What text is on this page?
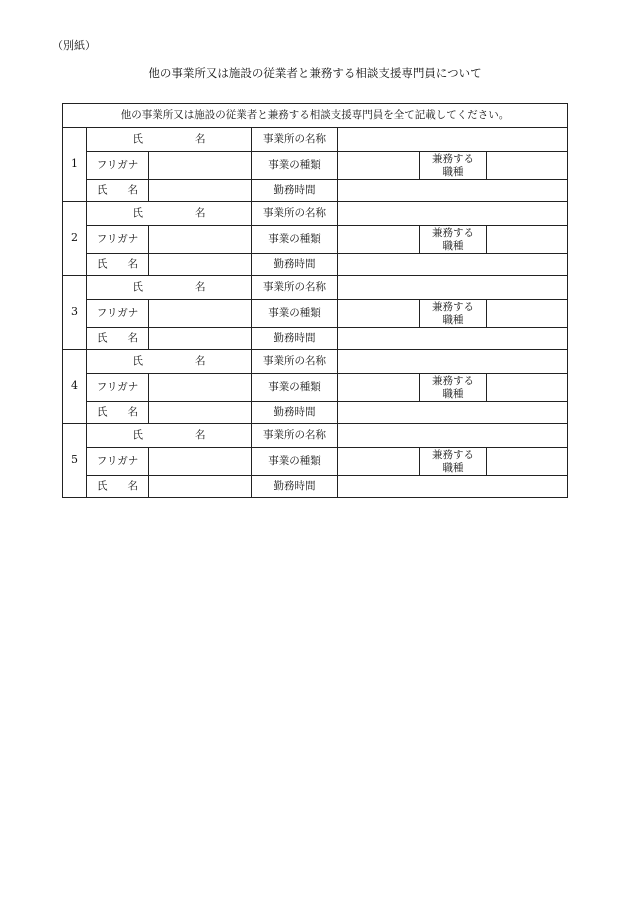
（別紙）
他の事業所又は施設の従業者と兼務する相談支援専門員について
他の事業所又は施設の従業者と兼務する相談支援専門員を全て記載してください。						
1	氏 名		事業所の名称			
	フリガナ		事業の種類		兼務する
職種	
	氏 名		勤務時間			
2	氏 名		事業所の名称			
	フリガナ		事業の種類		兼務する
職種	
	氏 名		勤務時間			
3	氏 名		事業所の名称			
	フリガナ		事業の種類		兼務する
職種	
	氏 名		勤務時間			
4	氏 名		事業所の名称			
	フリガナ		事業の種類		兼務する
職種	
	氏 名		勤務時間			
5	氏 名		事業所の名称			
	フリガナ		事業の種類		兼務する
職種	
	氏 名		勤務時間			
